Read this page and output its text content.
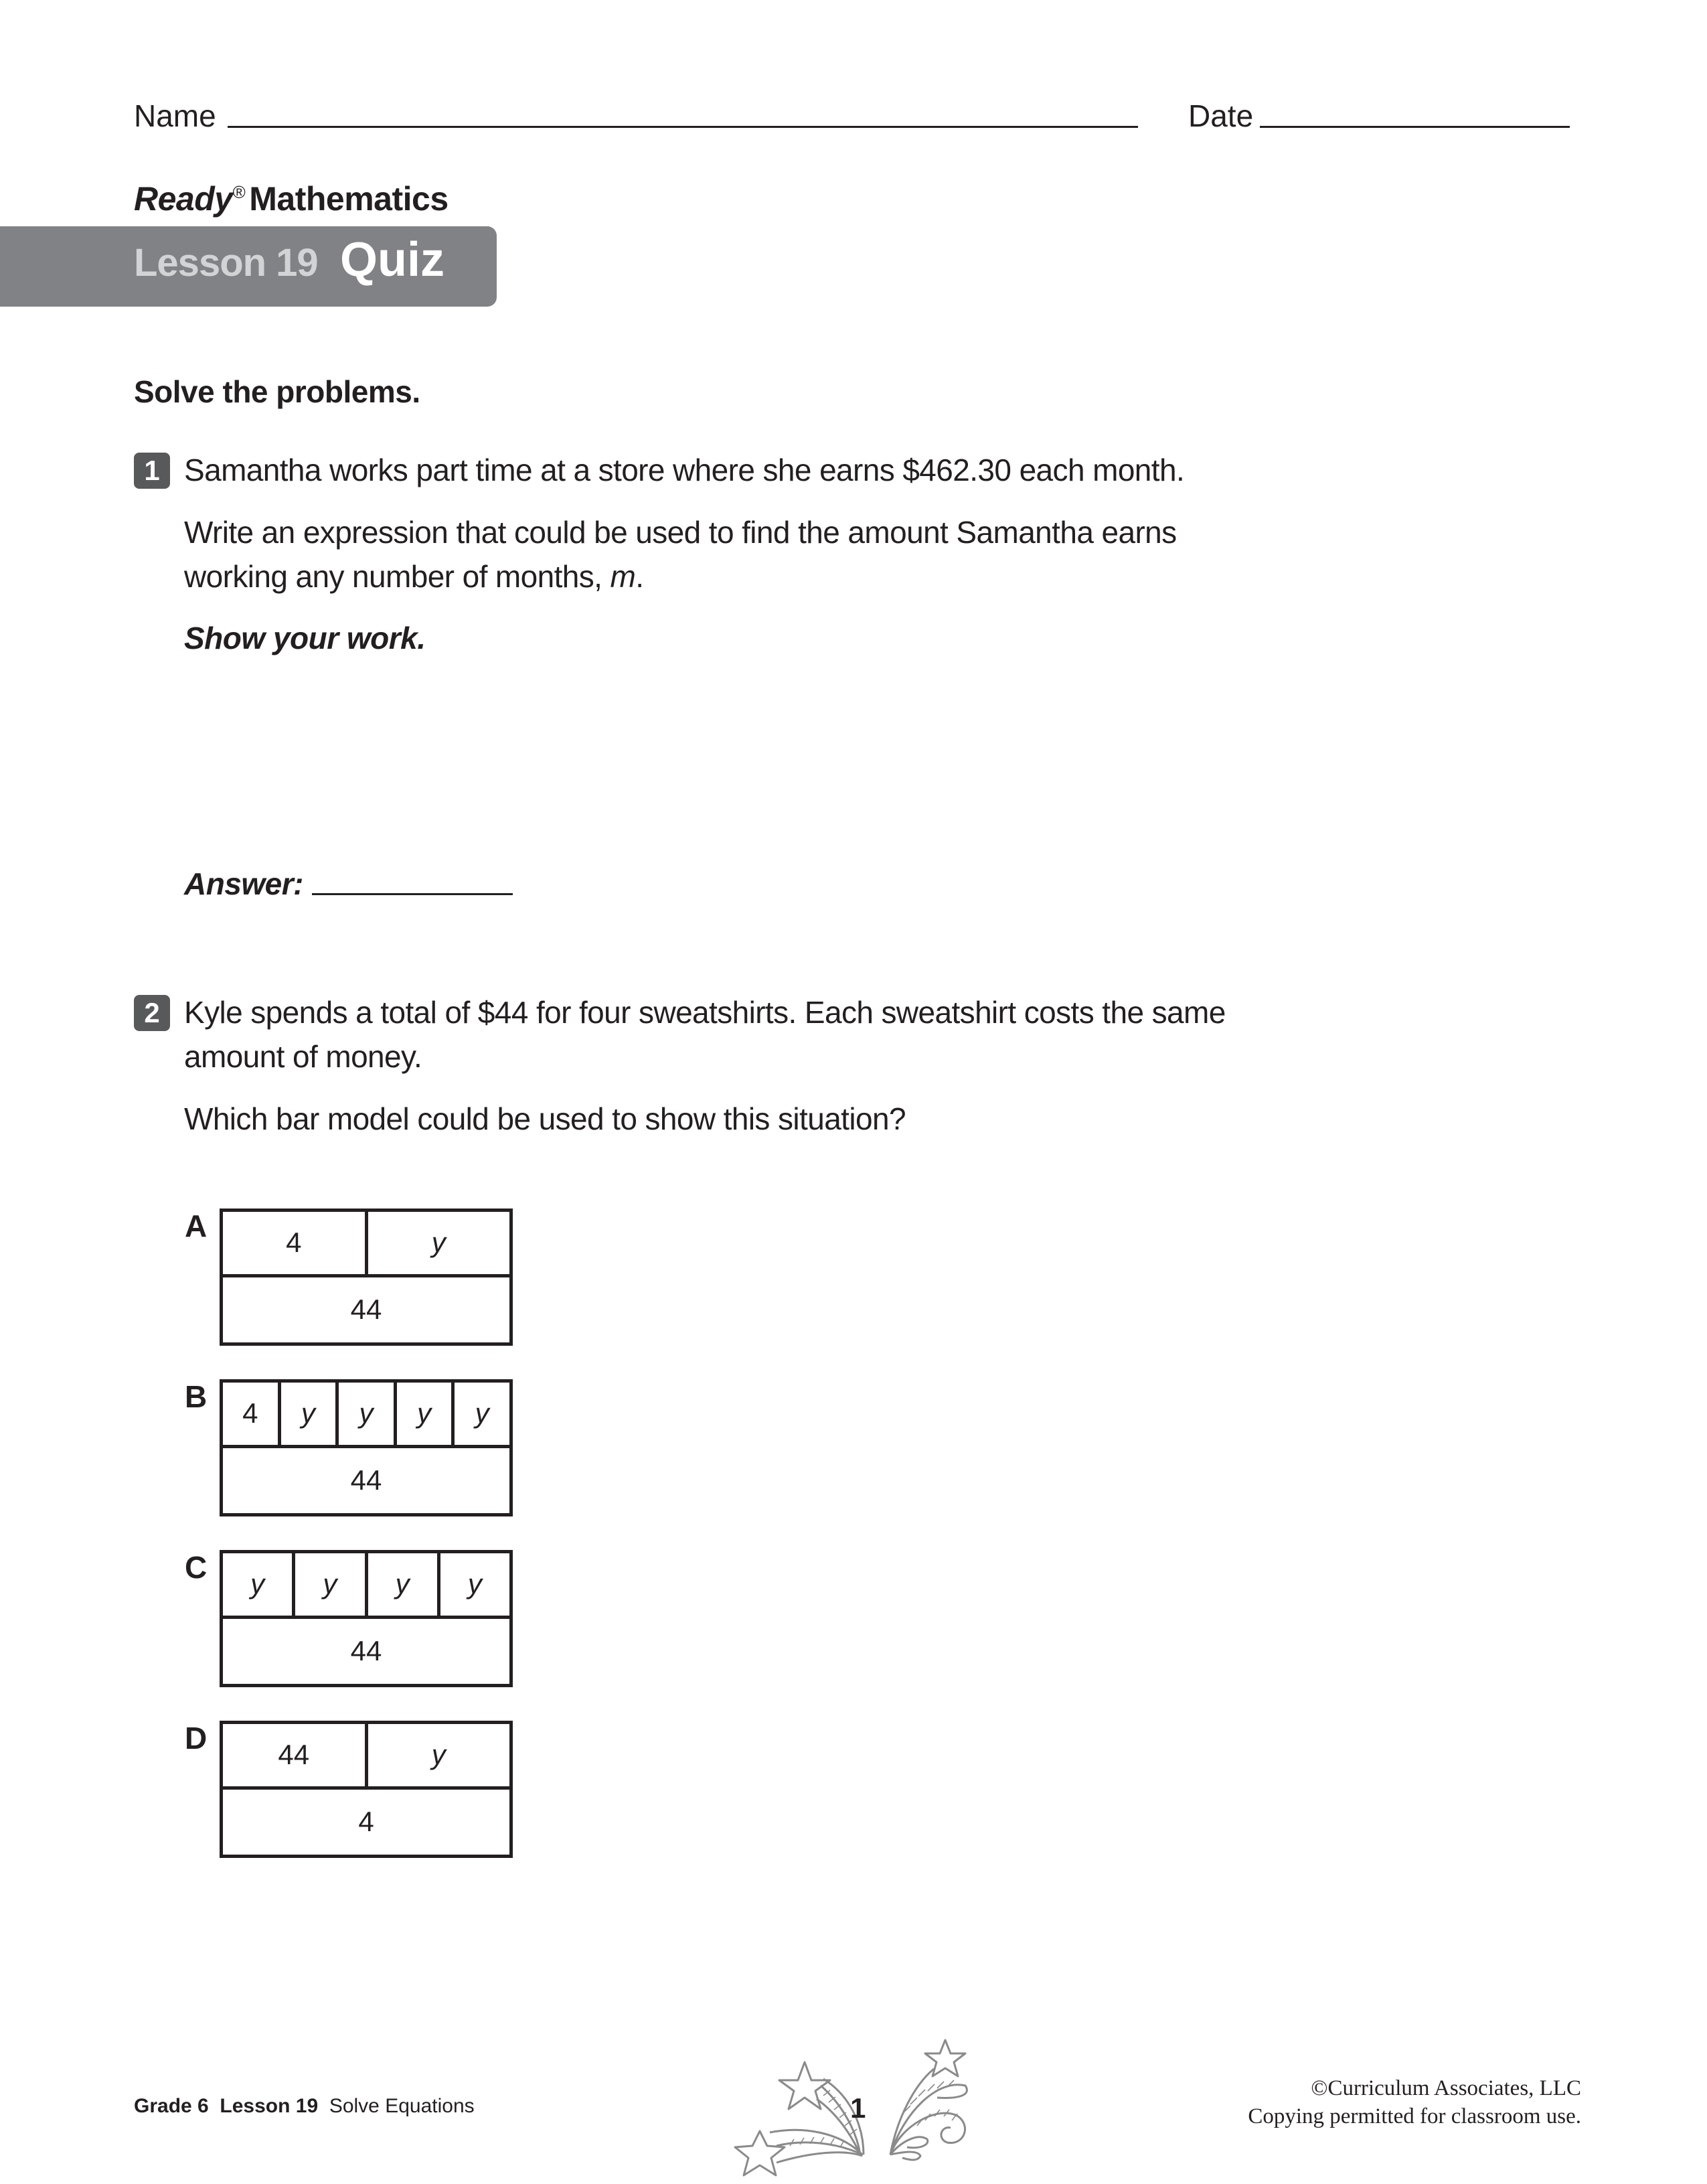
Name	Date
Ready® Mathematics
Lesson 19 Quiz
Solve the problems.
1 Samantha works part time at a store where she earns $462.30 each month.
Write an expression that could be used to find the amount Samantha earns
working any number of months, m.
Show your work.
Answer:
2 Kyle spends a total of $44 for four sweatshirts. Each sweatshirt costs the same
amount of money.
Which bar model could be used to show this situation?
A	4	y
44
B	4	y	y	y	y
44
C	y	y	y	y
44
D	44	y
4
Grade 6 Lesson 19 Solve Equations	1
©Curriculum Associates, LLC
Copying permitted for classroom use.
